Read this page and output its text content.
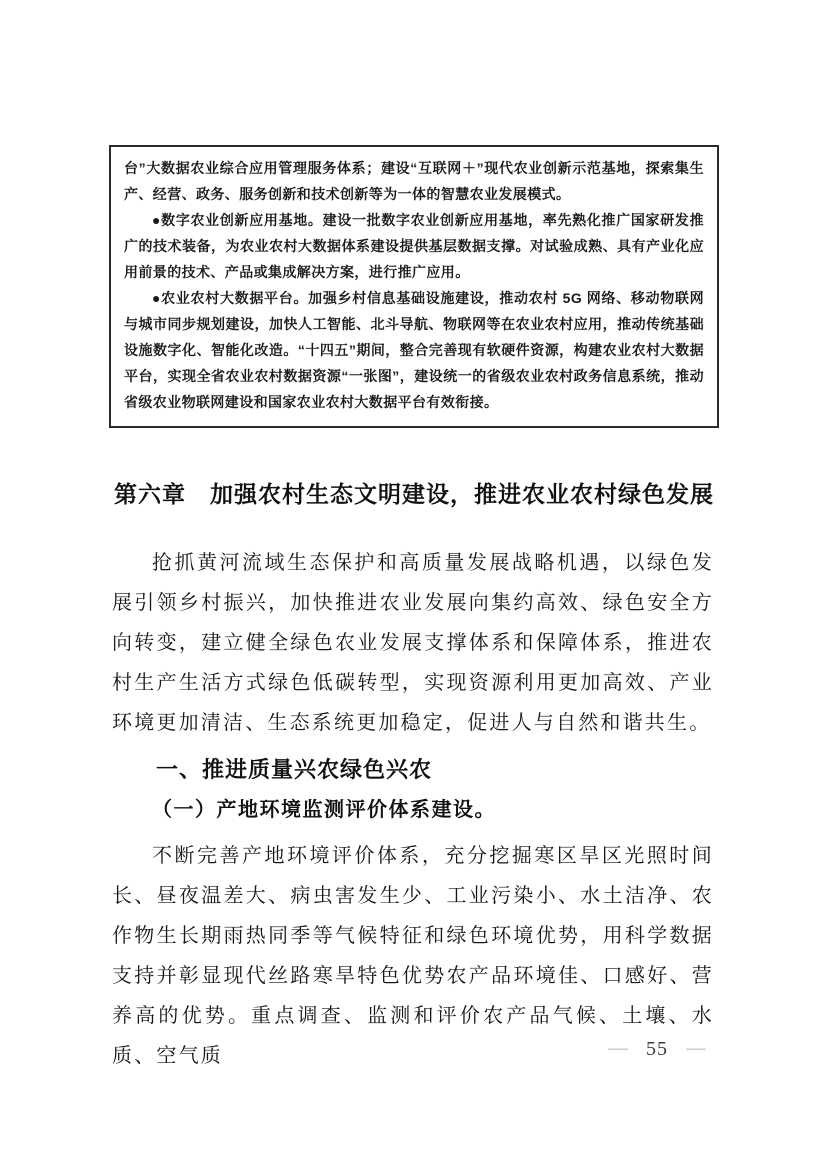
台”大数据农业综合应用管理服务体系；建设“互联网＋”现代农业创新示范基地，探索集生产、经营、政务、服务创新和技术创新等为一体的智慧农业发展模式。

●数字农业创新应用基地。建设一批数字农业创新应用基地，率先熟化推广国家研发推广的技术装备，为农业农村大数据体系建设提供基层数据支撑。对试验成熟、具有产业化应用前景的技术、产品或集成解决方案，进行推广应用。

●农业农村大数据平台。加强乡村信息基础设施建设，推动农村 5G 网络、移动物联网与城市同步规划建设，加快人工智能、北斗导航、物联网等在农业农村应用，推动传统基础设施数字化、智能化改造。“十四五”期间，整合完善现有软硬件资源，构建农业农村大数据平台，实现全省农业农村数据资源“一张图”，建设统一的省级农业农村政务信息系统，推动省级农业物联网建设和国家农业农村大数据平台有效衔接。

第六章　加强农村生态文明建设，推进农业农村绿色发展

抢抓黄河流域生态保护和高质量发展战略机遇，以绿色发展引领乡村振兴，加快推进农业发展向集约高效、绿色安全方向转变，建立健全绿色农业发展支撑体系和保障体系，推进农村生产生活方式绿色低碳转型，实现资源利用更加高效、产业环境更加清洁、生态系统更加稳定，促进人与自然和谐共生。

一、推进质量兴农绿色兴农
（一）产地环境监测评价体系建设。

不断完善产地环境评价体系，充分挖掘寒区旱区光照时间长、昼夜温差大、病虫害发生少、工业污染小、水土洁净、农作物生长期雨热同季等气候特征和绿色环境优势，用科学数据支持并彰显现代丝路寒旱特色优势农产品环境佳、口感好、营养高的优势。重点调查、监测和评价农产品气候、土壤、水质、空气质	— 55 —
